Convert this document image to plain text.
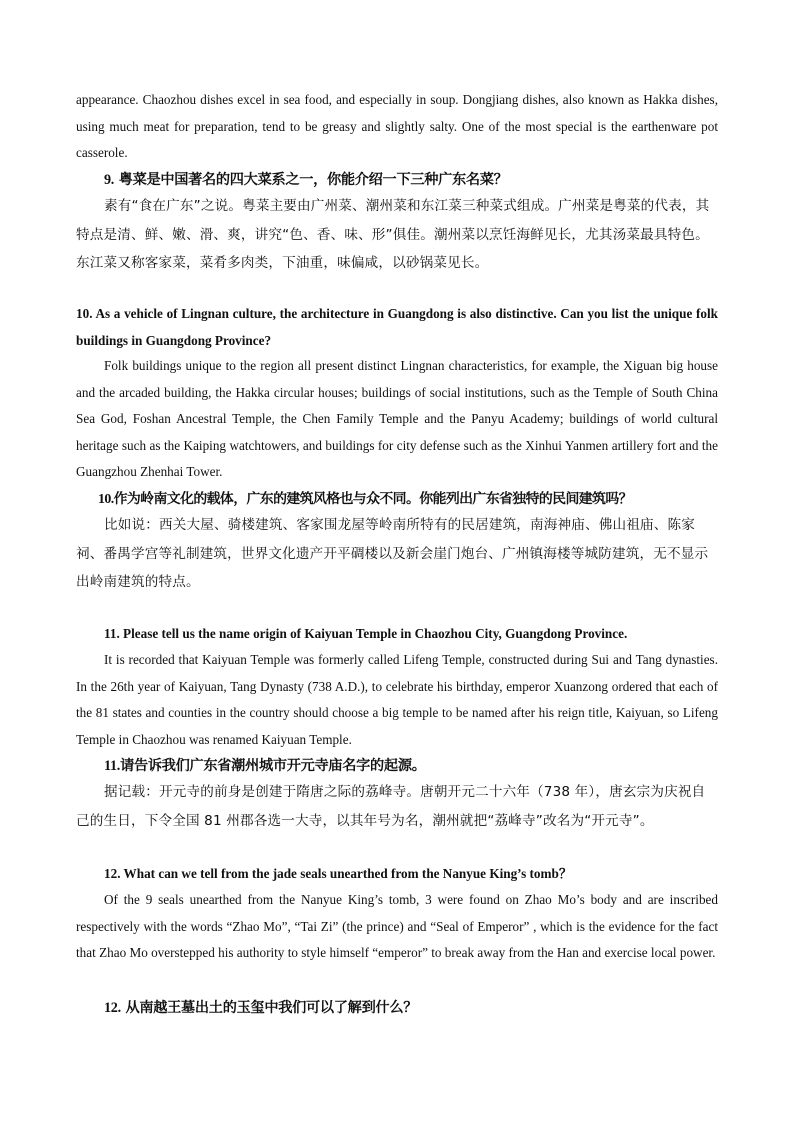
appearance. Chaozhou dishes excel in sea food, and especially in soup. Dongjiang dishes, also known as Hakka dishes, using much meat for preparation, tend to be greasy and slightly salty. One of the most special is the earthenware pot casserole.

9. 粤菜是中国著名的四大菜系之一，你能介绍一下三种广东名菜？

素有“食在广东”之说。粤菜主要由广州菜、潮州菜和东江菜三种菜式组成。广州菜是粤菜的代表，其特点是清、鲜、嫩、滑、爽，讲究“色、香、味、形”俱佳。潮州菜以烹饪海鲜见长，尤其汤菜最具特色。东江菜又称客家菜，菜肴多肉类，下油重，味偏咸，以砂锅菜见长。

10. As a vehicle of Lingnan culture, the architecture in Guangdong is also distinctive. Can you list the unique folk buildings in Guangdong Province?

Folk buildings unique to the region all present distinct Lingnan characteristics, for example, the Xiguan big house and the arcaded building, the Hakka circular houses; buildings of social institutions, such as the Temple of South China Sea God, Foshan Ancestral Temple, the Chen Family Temple and the Panyu Academy; buildings of world cultural heritage such as the Kaiping watchtowers, and buildings for city defense such as the Xinhui Yanmen artillery fort and the Guangzhou Zhenhai Tower.

10.作为岭南文化的载体，广东的建筑风格也与众不同。你能列出广东省独特的民间建筑吗？

比如说：西关大屋、骑楼建筑、客家围龙屋等岭南所特有的民居建筑，南海神庙、佛山祖庙、陈家祠、番禺学宫等礼制建筑，世界文化遗产开平碉楼以及新会崖门炮台、广州镇海楼等城防建筑，无不显示出岭南建筑的特点。

11. Please tell us the name origin of Kaiyuan Temple in Chaozhou City, Guangdong Province.

It is recorded that Kaiyuan Temple was formerly called Lifeng Temple, constructed during Sui and Tang dynasties. In the 26th year of Kaiyuan, Tang Dynasty (738 A.D.), to celebrate his birthday, emperor Xuanzong ordered that each of the 81 states and counties in the country should choose a big temple to be named after his reign title, Kaiyuan, so Lifeng Temple in Chaozhou was renamed Kaiyuan Temple.

11.请告诉我们广东省潮州城市开元寺庙名字的起源。

据记载：开元寺的前身是创建于隋唐之际的荔峰寺。唐朝开元二十六年（738 年），唐玄宗为庆祝自己的生日，下令全国 81 州郡各选一大寺，以其年号为名，潮州就把“荔峰寺”改名为“开元寺”。

12. What can we tell from the jade seals unearthed from the Nanyue King’s tomb？

Of the 9 seals unearthed from the Nanyue King’s tomb, 3 were found on Zhao Mo’s body and are inscribed respectively with the words “Zhao Mo”, “Tai Zi” (the prince) and “Seal of Emperor” , which is the evidence for the fact that Zhao Mo overstepped his authority to style himself “emperor” to break away from the Han and exercise local power.

12. 从南越王墓出土的玉玺中我们可以了解到什么？
